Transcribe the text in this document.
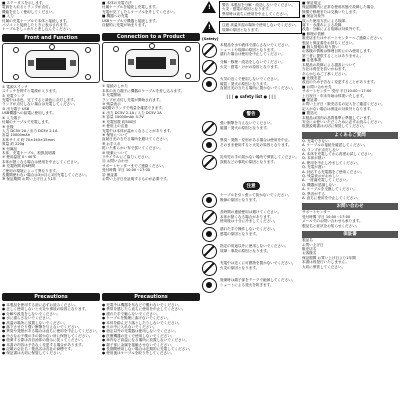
■ ステータスを示します。
電源を入れるとランプが点灯。
機能を正しく使用してください。
■ 入力
付属の充電ケーブルで本体と接続します。
パソコンと接続したときに表示されます。
ケーブルをしっかりと差し込んでください。
Front and Function
① 電源スイッチ
スイッチを押すと電源が入ります。
② 充電ランプ
充電中は赤色、完了すると緑色に点灯します。
ランプが点灯しない場合は充電してください。
③ 出力端子 USB
USB機器への給電に使用します。
④ 入力端子
付属のケーブルで充電します。
⑤ 仕様
入力 DC5V 2A / 出力 DC5V 2.1A
容量 10000mAh
本体サイズ 約 70×140×15mm
質量 約 220g
⑥ 付属品
本体、充電ケーブル、取扱説明書
⑦ 使用温度 0〜40℃
本体が熱くなる場合は使用を中止してください。
⑧ 充電時間 約6時間
ご使用の環境によって異なります。
長期間使わない場合は3か月に1回充電してください。
⑨ 保証期間 お買い上げ日より1年
Precautions
● 本製品を使用する前に必ずお読みください。
● 正しく使用しないと火災や事故の原因になります。
● 分解や改造をしないでください。
● 水に濡らさないでください。
● 高温の場所に放置しないでください。
● 落下させたり強い衝撃を与えないでください。
● 異臭や発熱がある場合は直ちに使用を中止してください。
● 小さなお子様の手の届かない所に保管してください。
● 廃棄する際は各自治体の指示に従ってください。
● 本書の内容は予告なく変更する場合があります。
● 記載の会社名・製品名は各社の商標です。
● 保証書は大切に保管してください。
■ 本体の充電方法
付属ケーブルを接続し充電します。
充電が完了したらケーブルを外してください。
■ 機器への充電
USBケーブルで機器と接続します。
自動的に充電が始まります。
Connection to a Product
① 接続のしかた
本体の出力端子に機器のケーブルを差し込みます。
② 充電開始
ランプが点灯し充電が開始されます。
③ 残量表示
4段階のランプで残量を確認できます。
④ 出力 DC5V 2.1A / 入力 DC5V 2A
⑤ 容量 10000mAh 3.7V
⑥ 充電回数 約500回
⑦ 使用上の注意
充電中は本体が温かくなることがあります。
⑧ 保管について
直射日光の当たる場所を避けてください。
⑨ お手入れ
乾いた柔らかい布で拭いてください。
⑩ 廃棄について
リサイクルにご協力ください。
⑪ お問い合わせ
サポートセンターまでご連絡ください。
受付時間 平日 10:00〜17:00
⑫ 保証書
お買い上げ日を証明するものが必要です。
Precautions
● 充電中は機器を布などで覆わないでください。
● 異常を感じたら直ちに使用を中止してください。
● 濡れた手で触らないでください。
● ケーブルを無理に曲げないでください。
● 本体を踏んだり落としたりしないでください。
● 火の中に入れないでください。
● 指定以外の充電器は使用しないでください。
● 医療機器の近くで使用しないでください。
● 車内など高温になる場所に放置しないでください。
● 端子部に金属を接触させないでください。
● 長期間使用しない場合は定期的に充電してください。
● 使用後はケーブルを取り外してください。
!
警告 本製品を分解・改造しないでください。
火災・感電の原因となります。
異常時は直ちに使用を中止してください。
!
注意 高温多湿の場所で使用しないでください。
故障の原因となります。
[Safety]
本製品を水や液体で濡らさないでください。
ショートや故障の原因となります。
濡れた場合は使用を中止してください。
分解・修理・改造をしないでください。
火災・感電・けがの原因となります。
火気の近くで使用しないでください。
破裂・発火の原因となります。
直射日光の当たる場所に置かないでください。
| | | ● safety list ● | | |
警告
強い衝撃を与えないでください。
破損・発火の原因となります。
異臭・発熱・変形がある場合は使用を中止。
そのまま使用すると火災の原因となります。
乳幼児の手の届かない場所で保管してください。
誤飲などの事故の原因となります。
注意
ケーブルを引っ張って抜かないでください。
断線の原因となります。
長時間の連続使用は避けてください。
本体が熱くなる場合があります。
使用後は十分に冷ましてください。
濡れた手で操作しないでください。
感電の原因となります。
指定の用途以外に使用しないでください。
故障・事故の原因となります。
充電中は近くに可燃物を置かないでください。
火災の原因となります。
廃棄時は端子部をテープで絶縁してください。
ショートによる発火を防ぎます。
■ 保証規定
保証期間内に正常な使用状態で故障した場合、
無償で修理または交換いたします。
■ 保証対象外
誤った使用方法による故障、
落下・水濡れによる故障、
改造・分解による故障は対象外です。
■ 修理の依頼
販売店またはサポートセンターへご連絡ください。
製品と保証書をお持ちください。
■ 個人情報の取り扱い
お客様の情報は修理目的にのみ使用します。
第三者に提供することはありません。
■ 注意事項
本製品の故障による損害について
当社は責任を負いかねます。
あらかじめご了承ください。
■ 仕様変更
改良のため予告なく変更することがあります。
■ お問い合わせ先
サポートセンター 受付 平日10:00〜17:00
土日祝日・年末年始は休業いたします。
■ 保証書
お買い上げ日・販売店名の記入をご確認ください。
記入がない場合は保証の対象外となります。
■ 製造元
本製品は国内の品質基準に準拠しています。
安全にお使いいただくために必ずお読みください。
取扱説明書は大切に保管してください。
よくあるご質問
Q. 充電できない
A. ケーブルの接続を確認してください。
Q. ランプが点灯しない
A. 本体を充電してから再度お試しください。
Q. 本体が熱い
A. 使用を中止し冷ましてください。
Q. 充電が遅い
A. 対応する充電器をご使用ください。
Q. 残量表示がおかしい
A. 一度満充電してください。
Q. 機器が認識しない
A. ケーブルを交換してください。
Q. 異音がする
A. 直ちに使用を中止してください。
お問い合わせ
サポートセンター
受付時間 平日 10:00〜17:00
メールでのお問い合わせも承ります。
製品名と症状をお知らせください。
保証書
製品名
お買い上げ日
販売店名
お客様名
保証期間 お買い上げ日より1年間
本書は再発行いたしません。
大切に保管してください。
